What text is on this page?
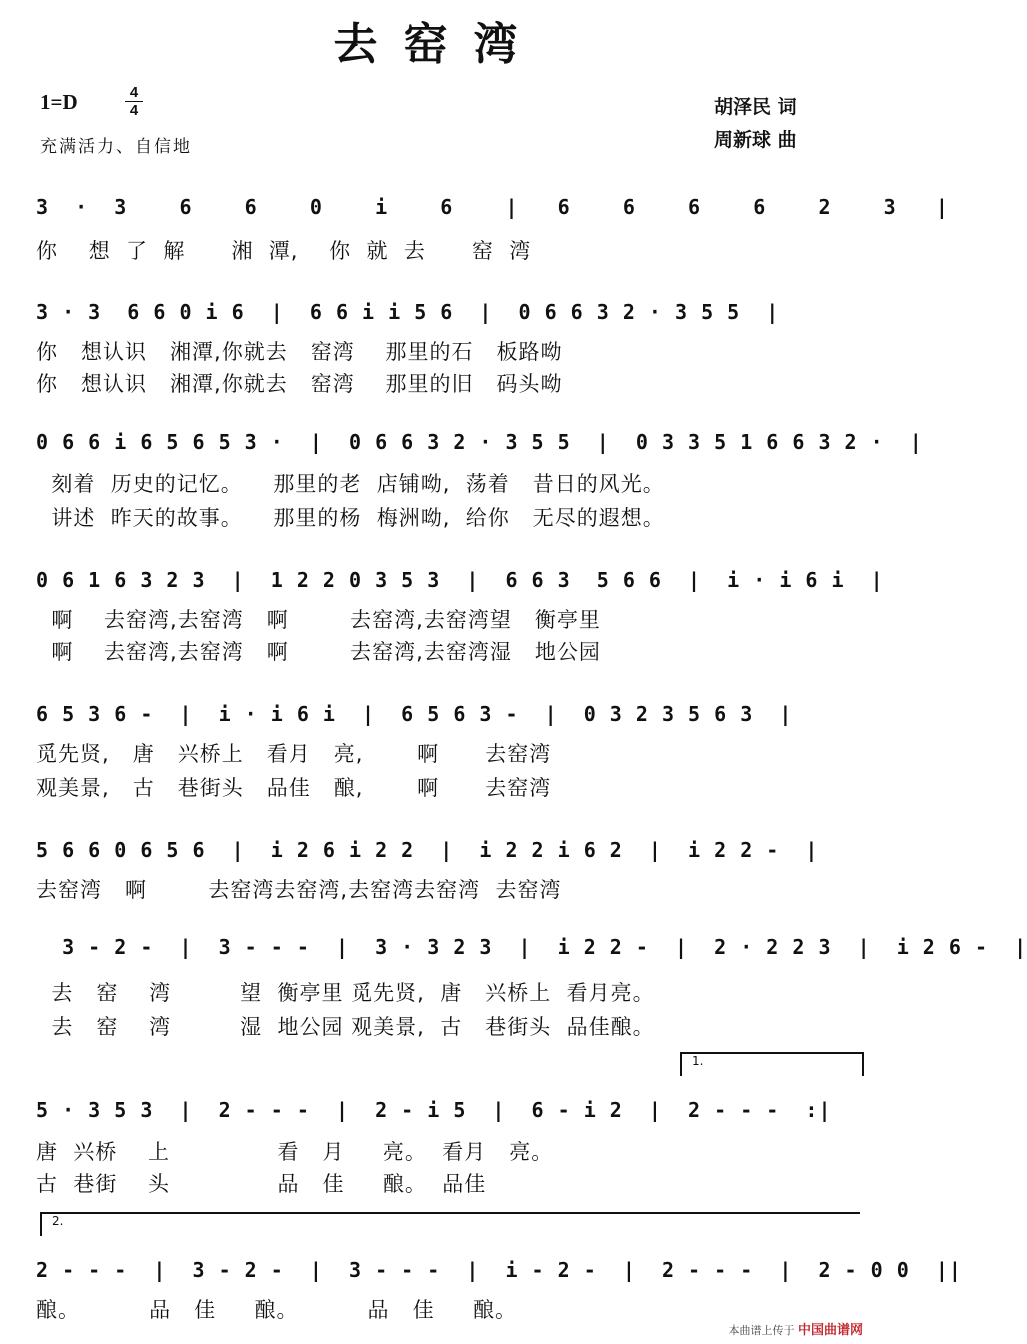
去窑湾
1=D	4
4
充满活力、自信地
胡泽民 词
周新球 曲
3  ·  3    6    6    0    i    6    |   6    6    6    6    2    3   |
你    想  了  解      湘  潭,    你  就  去      窑  湾
3 · 3  6 6 0 i 6  |  6 6 i i 5 6  |  0 6 6 3 2 · 3 5 5  |
你   想认识   湘潭,你就去   窑湾    那里的石   板路呦
你   想认识   湘潭,你就去   窑湾    那里的旧   码头呦
0 6 6 i 6 5 6 5 3 ·  |  0 6 6 3 2 · 3 5 5  |  0 3 3 5 1 6 6 3 2 ·  |
刻着  历史的记忆。    那里的老  店铺呦,  荡着   昔日的风光。
讲述  昨天的故事。    那里的杨  梅洲呦,  给你   无尽的遐想。
0 6 1 6 3 2 3  |  1 2 2 0 3 5 3  |  6 6 3  5 6 6  |  i · i 6 i  |
啊    去窑湾,去窑湾   啊        去窑湾,去窑湾望   衡亭里
啊    去窑湾,去窑湾   啊        去窑湾,去窑湾湿   地公园
6 5 3 6 -  |  i · i 6 i  |  6 5 6 3 -  |  0 3 2 3 5 6 3  |
觅先贤,   唐   兴桥上   看月   亮,       啊      去窑湾
观美景,   古   巷街头   品佳   酿,       啊      去窑湾
5 6 6 0 6 5 6  |  i 2 6 i 2 2  |  i 2 2 i 6 2  |  i 2 2 -  |
去窑湾   啊        去窑湾去窑湾,去窑湾去窑湾  去窑湾
3 - 2 -  |  3 - - -  |  3 · 3 2 3  |  i 2 2 -  |  2 · 2 2 3  |  i 2 6 -  |
去   窑    湾         望  衡亭里 觅先贤,  唐   兴桥上  看月亮。
去   窑    湾         湿  地公园 观美景,  古   巷街头  品佳酿。
1.
5 · 3 5 3  |  2 - - -  |  2 - i 5  |  6 - i 2  |  2 - - -  :|
唐  兴桥    上              看   月     亮。  看月   亮。
古  巷街    头              品   佳     酿。  品佳
2.
2 - - -  |  3 - 2 -  |  3 - - -  |  i - 2 -  |  2 - - -  |  2 - 0 0  ||
酿。         品   佳     酿。         品   佳     酿。
本曲谱上传于 中国曲谱网
